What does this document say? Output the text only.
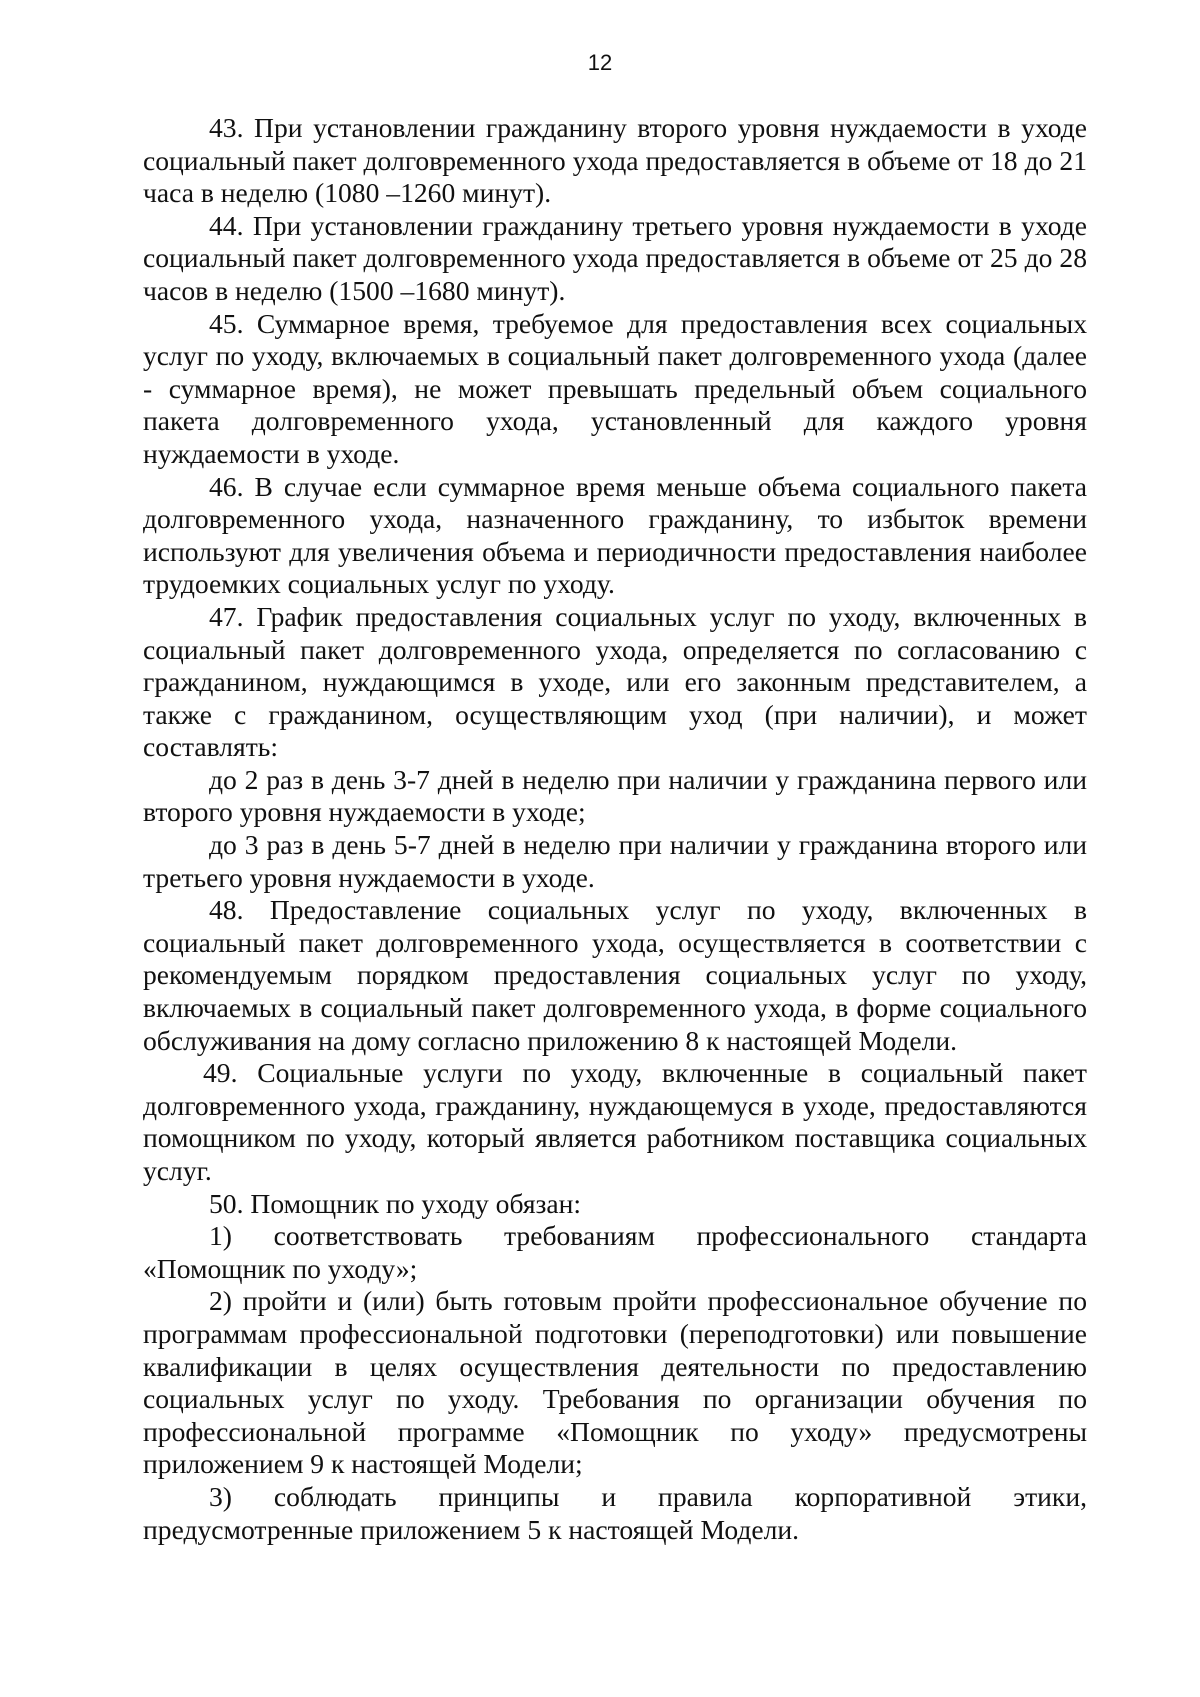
12

43. При установлении гражданину второго уровня нуждаемости в уходе социальный пакет долговременного ухода предоставляется в объеме от 18 до 21 часа в неделю (1080 –1260 минут).

44. При установлении гражданину третьего уровня нуждаемости в уходе социальный пакет долговременного ухода предоставляется в объеме от 25 до 28 часов в неделю (1500 –1680 минут).

45. Суммарное время, требуемое для предоставления всех социальных услуг по уходу, включаемых в социальный пакет долговременного ухода (далее - суммарное время), не может превышать предельный объем социального пакета долговременного ухода, установленный для каждого уровня нуждаемости в уходе.

46. В случае если суммарное время меньше объема социального пакета долговременного ухода, назначенного гражданину, то избыток времени используют для увеличения объема и периодичности предоставления наиболее трудоемких социальных услуг по уходу.

47. График предоставления социальных услуг по уходу, включенных в социальный пакет долговременного ухода, определяется по согласованию с гражданином, нуждающимся в уходе, или его законным представителем, а также с гражданином, осуществляющим уход (при наличии), и может составлять:

до 2 раз в день 3-7 дней в неделю при наличии у гражданина первого или второго уровня нуждаемости в уходе;

до 3 раз в день 5-7 дней в неделю при наличии у гражданина второго или третьего уровня нуждаемости в уходе.

48. Предоставление социальных услуг по уходу, включенных в социальный пакет долговременного ухода, осуществляется в соответствии с рекомендуемым порядком предоставления социальных услуг по уходу, включаемых в социальный пакет долговременного ухода, в форме социального обслуживания на дому согласно приложению 8 к настоящей Модели.

49. Социальные услуги по уходу, включенные в социальный пакет долговременного ухода, гражданину, нуждающемуся в уходе, предоставляются помощником по уходу, который является работником поставщика социальных услуг.

50. Помощник по уходу обязан:

1) соответствовать требованиям профессионального стандарта «Помощник по уходу»;

2) пройти и (или) быть готовым пройти профессиональное обучение по программам профессиональной подготовки (переподготовки) или повышение квалификации в целях осуществления деятельности по предоставлению социальных услуг по уходу. Требования по организации обучения по профессиональной программе «Помощник по уходу» предусмотрены приложением 9 к настоящей Модели;

3) соблюдать принципы и правила корпоративной этики, предусмотренные приложением 5 к настоящей Модели.
